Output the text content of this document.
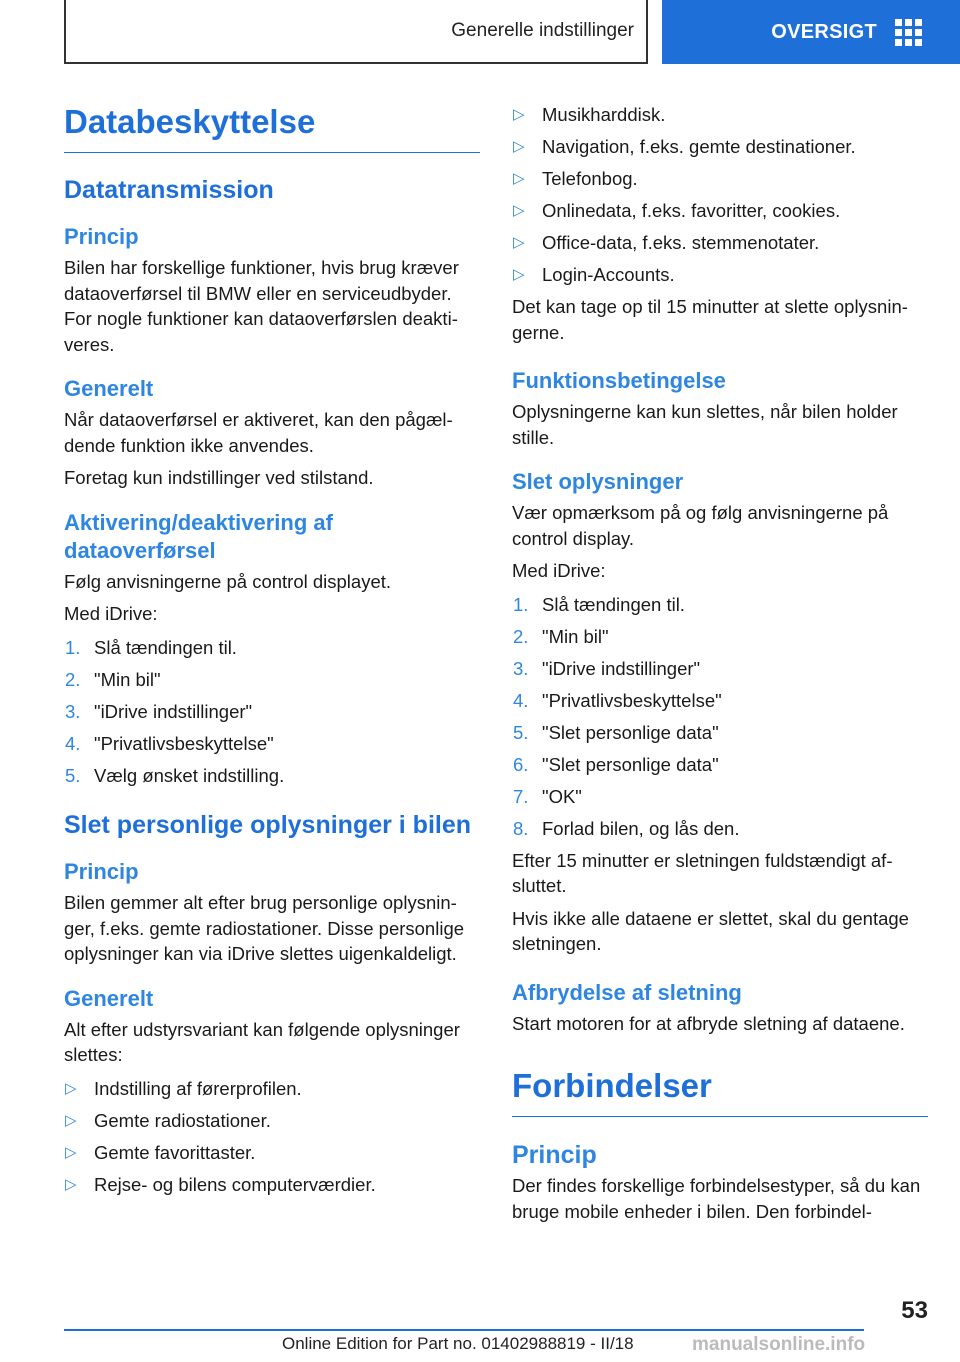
Generelle indstillinger	OVERSIGT
Databeskyttelse
Datatransmission
Princip

Bilen har forskellige funktioner, hvis brug kræver dataoverførsel til BMW eller en serviceudbyder. For nogle funktioner kan dataoverførslen deaktiveres.

Generelt

Når dataoverførsel er aktiveret, kan den pågældende funktion ikke anvendes.

Foretag kun indstillinger ved stilstand.

Aktivering/deaktivering af dataoverførsel

Følg anvisningerne på control displayet.

Med iDrive:

1. Slå tændingen til.
2. "Min bil"
3. "iDrive indstillinger"
4. "Privatlivsbeskyttelse"
5. Vælg ønsket indstilling.
Slet personlige oplysninger i bilen
Princip

Bilen gemmer alt efter brug personlige oplysninger, f.eks. gemte radiostationer. Disse personlige oplysninger kan via iDrive slettes uigenkaldeligt.

Generelt

Alt efter udstyrsvariant kan følgende oplysninger slettes:

▷ Indstilling af førerprofilen.
▷ Gemte radiostationer.
▷ Gemte favorittaster.
▷ Rejse- og bilens computerværdier.
▷ Musikharddisk.
▷ Navigation, f.eks. gemte destinationer.
▷ Telefonbog.
▷ Onlinedata, f.eks. favoritter, cookies.
▷ Office-data, f.eks. stemmenotater.
▷ Login-Accounts.

Det kan tage op til 15 minutter at slette oplysningerne.

Funktionsbetingelse

Oplysningerne kan kun slettes, når bilen holder stille.

Slet oplysninger

Vær opmærksom på og følg anvisningerne på control display.

Med iDrive:

1. Slå tændingen til.
2. "Min bil"
3. "iDrive indstillinger"
4. "Privatlivsbeskyttelse"
5. "Slet personlige data"
6. "Slet personlige data"
7. "OK"
8. Forlad bilen, og lås den.

Efter 15 minutter er sletningen fuldstændigt afsluttet.

Hvis ikke alle dataene er slettet, skal du gentage sletningen.

Afbrydelse af sletning

Start motoren for at afbryde sletning af dataene.

Forbindelser
Princip

Der findes forskellige forbindelsestyper, så du kan bruge mobile enheder i bilen. Den forbindel-

53
Online Edition for Part no. 01402988819 - II/18	manualsonline.info
